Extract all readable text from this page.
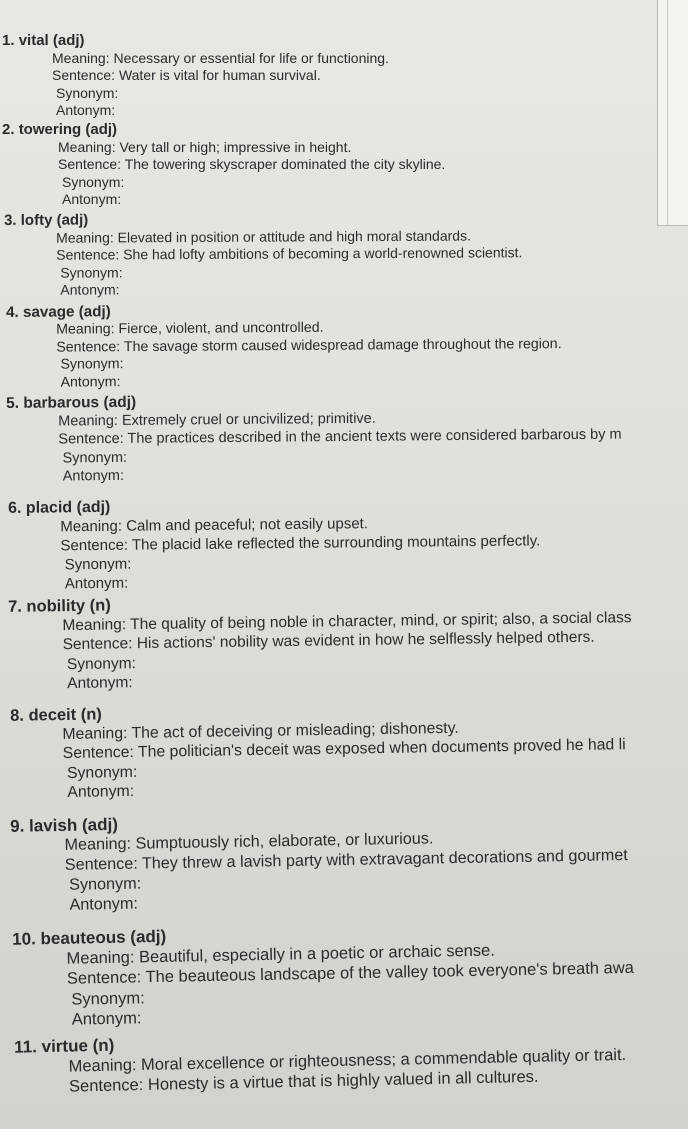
1. vital (adj)
Meaning: Necessary or essential for life or functioning.
Sentence: Water is vital for human survival.
Synonym:
Antonym:
2. towering (adj)
Meaning: Very tall or high; impressive in height.
Sentence: The towering skyscraper dominated the city skyline.
Synonym:
Antonym:
3. lofty (adj)
Meaning: Elevated in position or attitude and high moral standards.
Sentence: She had lofty ambitions of becoming a world-renowned scientist.
Synonym:
Antonym:
4. savage (adj)
Meaning: Fierce, violent, and uncontrolled.
Sentence: The savage storm caused widespread damage throughout the region.
Synonym:
Antonym:
5. barbarous (adj)
Meaning: Extremely cruel or uncivilized; primitive.
Sentence: The practices described in the ancient texts were considered barbarous by m
Synonym:
Antonym:
6. placid (adj)
Meaning: Calm and peaceful; not easily upset.
Sentence: The placid lake reflected the surrounding mountains perfectly.
Synonym:
Antonym:
7. nobility (n)
Meaning: The quality of being noble in character, mind, or spirit; also, a social class
Sentence: His actions' nobility was evident in how he selflessly helped others.
Synonym:
Antonym:
8. deceit (n)
Meaning: The act of deceiving or misleading; dishonesty.
Sentence: The politician's deceit was exposed when documents proved he had li
Synonym:
Antonym:
9. lavish (adj)
Meaning: Sumptuously rich, elaborate, or luxurious.
Sentence: They threw a lavish party with extravagant decorations and gourmet
Synonym:
Antonym:
10. beauteous (adj)
Meaning: Beautiful, especially in a poetic or archaic sense.
Sentence: The beauteous landscape of the valley took everyone's breath awa
Synonym:
Antonym:
11. virtue (n)
Meaning: Moral excellence or righteousness; a commendable quality or trait.
Sentence: Honesty is a virtue that is highly valued in all cultures.
